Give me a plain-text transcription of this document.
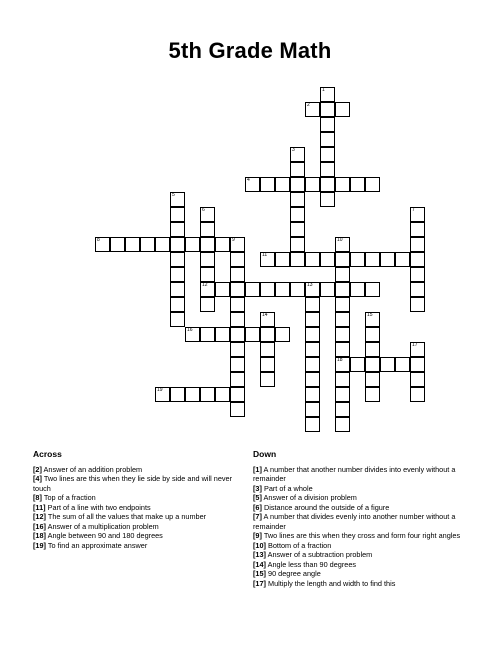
5th Grade Math
1
2
3
4
5
6
12
7
8	9	10
18
11
13
14	15
16
17
19
Across
[2] Answer of an addition problem
[4] Two lines are this when they lie side by side and will never touch
[8] Top of a fraction
[11] Part of a line with two endpoints
[12] The sum of all the values that make up a number
[16] Answer of a multiplication problem
[18] Angle between 90 and 180 degrees
[19] To find an approximate answer
Down
[1] A number that another number divides into evenly without a remainder
[3] Part of a whole
[5] Answer of a division problem
[6] Distance around the outside of a figure
[7] A number that divides evenly into another number without a remainder
[9] Two lines are this when they cross and form four right angles
[10] Bottom of a fraction
[13] Answer of a subtraction problem
[14] Angle less than 90 degrees
[15] 90 degree angle
[17] Multiply the length and width to find this
